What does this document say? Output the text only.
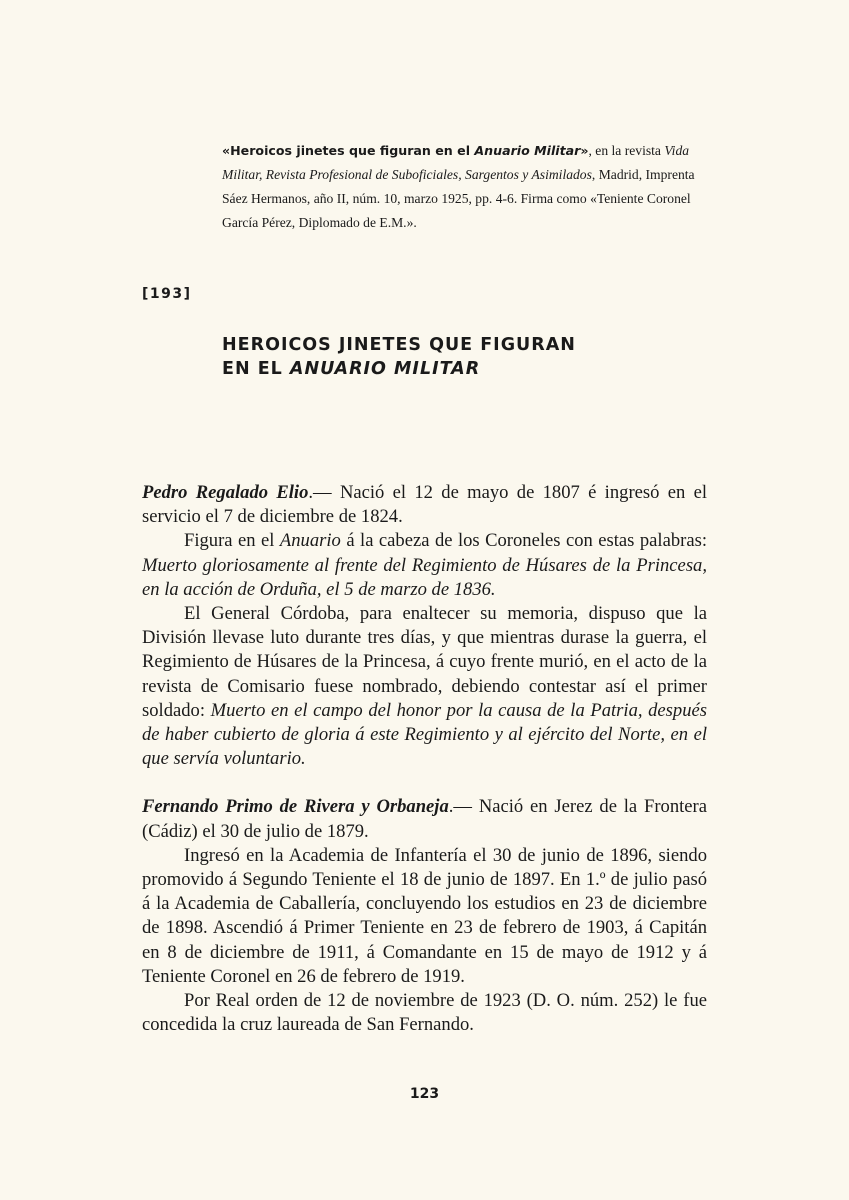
«Heroicos jinetes que figuran en el Anuario Militar», en la revista Vida Militar, Revista Profesional de Suboficiales, Sargentos y Asimilados, Madrid, Imprenta Sáez Hermanos, año II, núm. 10, marzo 1925, pp. 4-6. Firma como «Teniente Coronel García Pérez, Diplomado de E.M.».
[193]
HEROICOS JINETES QUE FIGURAN
EN EL ANUARIO MILITAR

Pedro Regalado Elio.— Nació el 12 de mayo de 1807 é ingresó en el servicio el 7 de diciembre de 1824.

Figura en el Anuario á la cabeza de los Coroneles con estas palabras: Muerto gloriosamente al frente del Regimiento de Húsares de la Princesa, en la acción de Orduña, el 5 de marzo de 1836.

El General Córdoba, para enaltecer su memoria, dispuso que la División llevase luto durante tres días, y que mientras durase la guerra, el Regimiento de Húsares de la Princesa, á cuyo frente murió, en el acto de la revista de Comisario fuese nombrado, debiendo contestar así el primer soldado: Muerto en el campo del honor por la causa de la Patria, después de haber cubierto de gloria á este Regimiento y al ejército del Norte, en el que servía voluntario.

Fernando Primo de Rivera y Orbaneja.— Nació en Jerez de la Frontera (Cádiz) el 30 de julio de 1879.

Ingresó en la Academia de Infantería el 30 de junio de 1896, siendo promovido á Segundo Teniente el 18 de junio de 1897. En 1.º de julio pasó á la Academia de Caballería, concluyendo los estudios en 23 de diciembre de 1898. Ascendió á Primer Teniente en 23 de febrero de 1903, á Capitán en 8 de diciembre de 1911, á Comandante en 15 de mayo de 1912 y á Teniente Coronel en 26 de febrero de 1919.

Por Real orden de 12 de noviembre de 1923 (D. O. núm. 252) le fue concedida la cruz laureada de San Fernando.

123
